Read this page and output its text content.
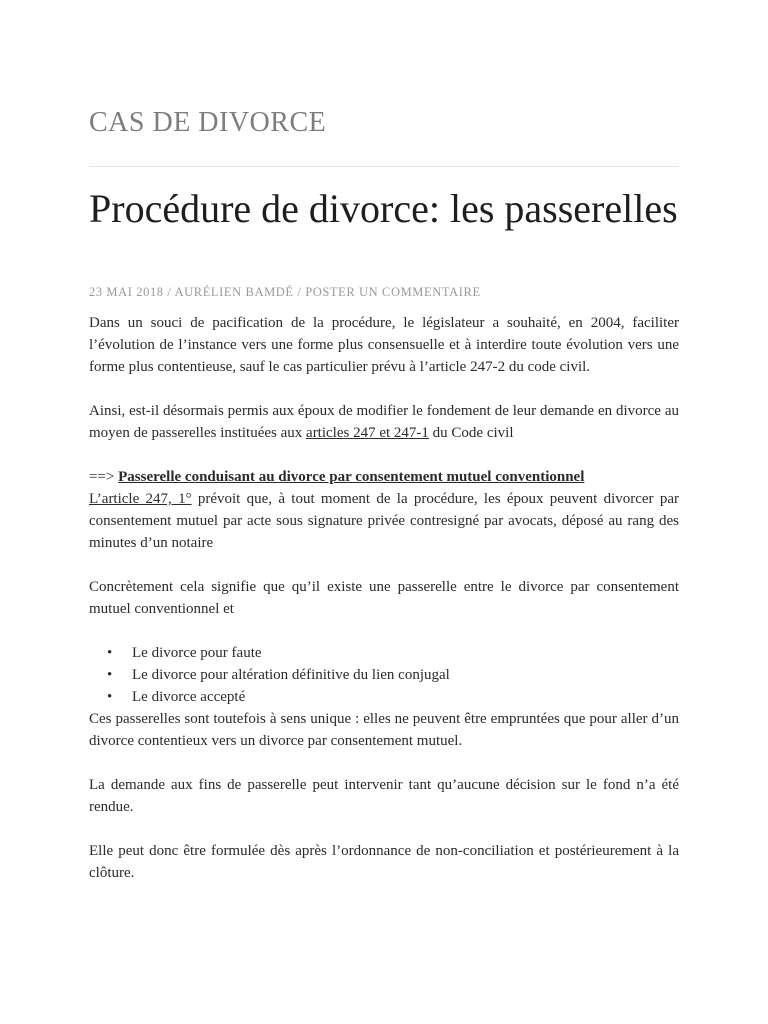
CAS DE DIVORCE
Procédure de divorce: les passerelles
23 MAI 2018 / AURÉLIEN BAMDÉ / POSTER UN COMMENTAIRE

Dans un souci de pacification de la procédure, le législateur a souhaité, en 2004, faciliter l’évolution de l’instance vers une forme plus consensuelle et à interdire toute évolution vers une forme plus contentieuse, sauf le cas particulier prévu à l’article 247-2 du code civil.

Ainsi, est-il désormais permis aux époux de modifier le fondement de leur demande en divorce au moyen de passerelles instituées aux articles 247 et 247-1 du Code civil

==> Passerelle conduisant au divorce par consentement mutuel conventionnel

L’article 247, 1° prévoit que, à tout moment de la procédure, les époux peuvent divorcer par consentement mutuel par acte sous signature privée contresigné par avocats, déposé au rang des minutes d’un notaire

Concrètement cela signifie que qu’il existe une passerelle entre le divorce par consentement mutuel conventionnel et

• Le divorce pour faute
• Le divorce pour altération définitive du lien conjugal
• Le divorce accepté

Ces passerelles sont toutefois à sens unique : elles ne peuvent être empruntées que pour aller d’un divorce contentieux vers un divorce par consentement mutuel.

La demande aux fins de passerelle peut intervenir tant qu’aucune décision sur le fond n’a été rendue.

Elle peut donc être formulée dès après l’ordonnance de non-conciliation et postérieurement à la clôture.
